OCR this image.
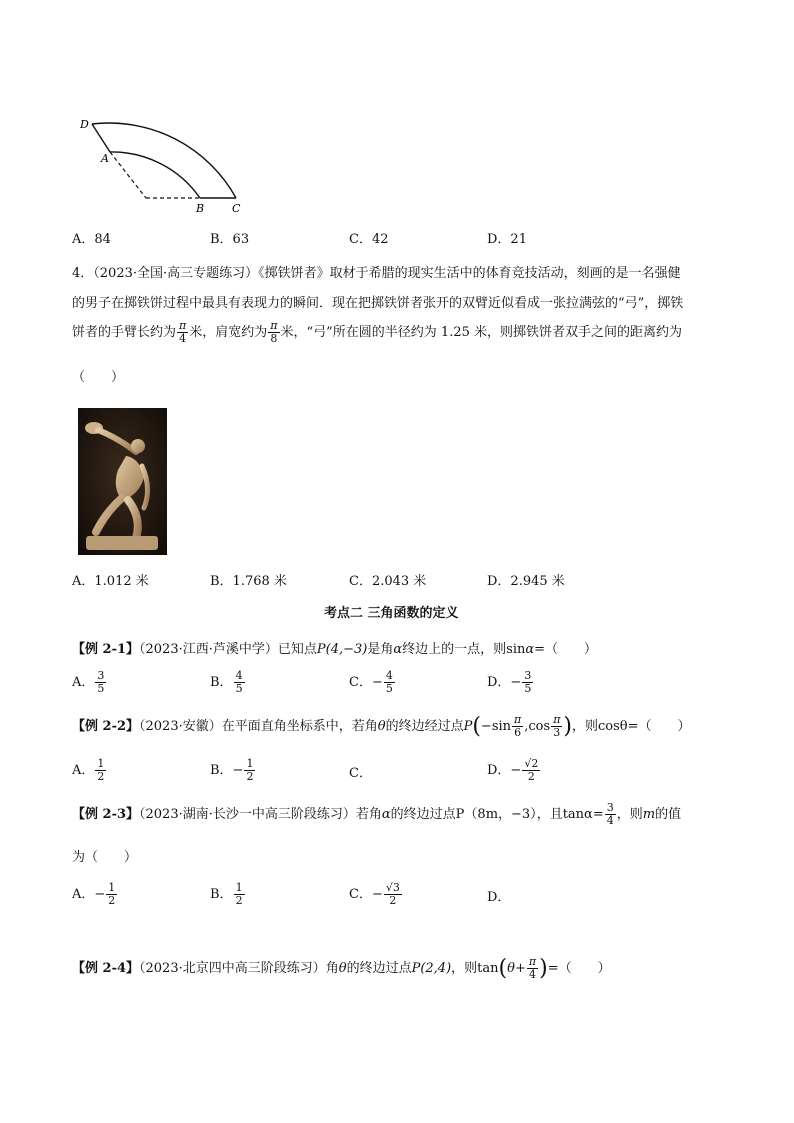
D
A
B	C
A．84	B．63	C．42	D．21
4．（2023·全国·高三专题练习）《掷铁饼者》取材于希腊的现实生活中的体育竞技活动，刻画的是一名强健
的男子在掷铁饼过程中最具有表现力的瞬间．现在把掷铁饼者张开的双臂近似看成一张拉满弦的“弓”，掷铁
饼者的手臂长约为 $\frac{\pi}{4}$ 米，肩宽约为 $\frac{\pi}{8}$ 米，“弓”所在圆的半径约为 1.25 米，则掷铁饼者双手之间的距离约为
（　　）
A．1.012 米	B．1.768 米	C．2.043 米	D．2.945 米
考点二 三角函数的定义
【例 2-1】（2023·江西·芦溪中学）已知点P(4,−3)是角α终边上的一点，则sinα=（　　）
A． $\frac{3}{5}$	B． $\frac{4}{5}$	C．− $\frac{4}{5}$	D．− $\frac{3}{5}$
【例 2-2】（2023·安徽）在平面直角坐标系中，若角θ的终边经过点$P(-\sin \frac{\pi}{6} ,\cos \frac{\pi}{3}$ )，则cosθ=（　　）
A． $\frac{1}{2}$	B．− $\frac{1}{2}$	C．	D．− $\frac{√2}{2}$
【例 2-3】（2023·湖南·长沙一中高三阶段练习）若角α的终边过点P（8m，−3），且$\tan\alpha= \frac{3}{4}$ ，则m的值
为（　　）
A．− $\frac{1}{2}$	B． $\frac{1}{2}$	C．− $\frac{√3}{2}$	D．
【例 2-4】（2023·北京四中高三阶段练习）角θ的终边过点P(2,4)，则$\tan(\theta+ \frac{\pi}{4}$ )=（　　）
